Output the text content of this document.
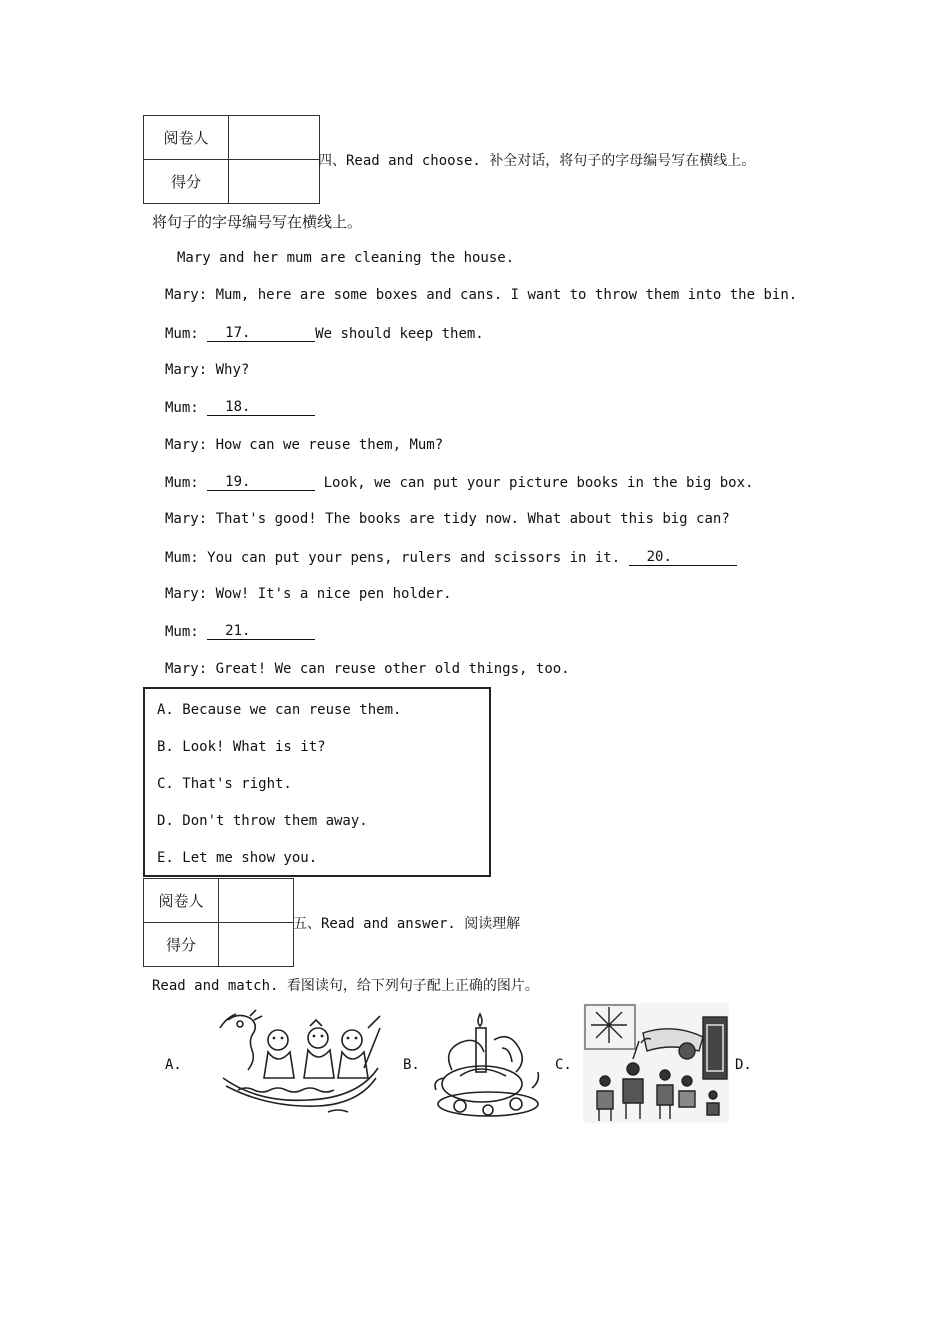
阅卷人	
得分	
四、Read and choose. 补全对话，将句子的字母编号写在横线上。
将句子的字母编号写在横线上。
Mary and her mum are cleaning the house.
Mary: Mum, here are some boxes and cans. I want to throw them into the bin.
Mum: 17.	We should keep them.
Mary: Why?
Mum: 18.
Mary: How can we reuse them, Mum?
Mum: 19.	Look, we can put your picture books in the big box.
Mary: That's good! The books are tidy now. What about this big can?
Mum: You can put your pens, rulers and scissors in it. 20.
Mary: Wow! It's a nice pen holder.
Mum: 21.
Mary: Great! We can reuse other old things, too.
A. Because we can reuse them.
B. Look! What is it?
C. That's right.
D. Don't throw them away.
E. Let me show you.
阅卷人	
得分	
五、Read and answer. 阅读理解
Read and match. 看图读句，给下列句子配上正确的图片。
A.	B.	C.	D.
